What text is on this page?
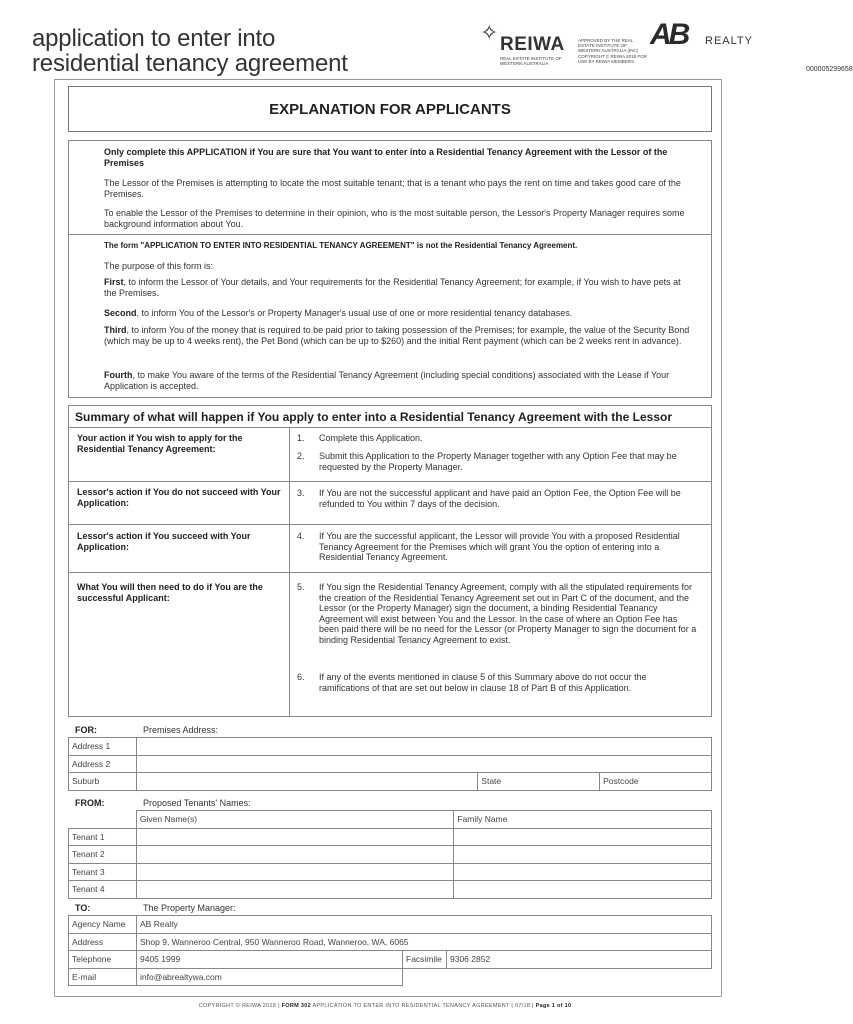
application to enter into
residential tenancy agreement
✧ REIWA
REAL ESTATE INSTITUTE OF WESTERN AUSTRALIA
APPROVED BY THE REAL ESTATE INSTITUTE OF WESTERN AUSTRALIA (INC) COPYRIGHT © REIWA 2018 FOR USE BY REIWA MEMBERS
000005299658
AB REALTY
EXPLANATION FOR APPLICANTS
Only complete this APPLICATION if You are sure that You want to enter into a Residential Tenancy Agreement with the Lessor of the Premises
The Lessor of the Premises is attempting to locate the most suitable tenant; that is a tenant who pays the rent on time and takes good care of the Premises.
To enable the Lessor of the Premises to determine in their opinion, who is the most suitable person, the Lessor's Property Manager requires some background information about You.
The form "APPLICATION TO ENTER INTO RESIDENTIAL TENANCY AGREEMENT" is not the Residential Tenancy Agreement.
The purpose of this form is:
First, to inform the Lessor of Your details, and Your requirements for the Residential Tenancy Agreement; for example, if You wish to have pets at the Premises.
Second, to inform You of the Lessor's or Property Manager's usual use of one or more residential tenancy databases.
Third, to inform You of the money that is required to be paid prior to taking possession of the Premises; for example, the value of the Security Bond (which may be up to 4 weeks rent), the Pet Bond (which can be up to $260) and the initial Rent payment (which can be 2 weeks rent in advance).
Fourth, to make You aware of the terms of the Residential Tenancy Agreement (including special conditions) associated with the Lease if Your Application is accepted.
Summary of what will happen if You apply to enter into a Residential Tenancy Agreement with the Lessor
Your action if You wish to apply for the Residential Tenancy Agreement:
1. Complete this Application.
2. Submit this Application to the Property Manager together with any Option Fee that may be requested by the Property Manager.
Lessor's action if You do not succeed with Your Application:
3. If You are not the successful applicant and have paid an Option Fee, the Option Fee will be refunded to You within 7 days of the decision.
Lessor's action if You succeed with Your Application:
4. If You are the successful applicant, the Lessor will provide You with a proposed Residential Tenancy Agreement for the Premises which will grant You the option of entering into a Residential Tenancy Agreement.
What You will then need to do if You are the successful Applicant:
5. If You sign the Residential Tenancy Agreement, comply with all the stipulated requirements for the creation of the Residential Tenancy Agreement set out in Part C of the document, and the Lessor (or the Property Manager) sign the document, a binding Residential Teanancy Agreement will exist between You and the Lessor. In the case of where an Option Fee has been paid there will be no need for the Lessor (or Property Manager to sign the document for a binding Residential Tenancy Agreement to exist.
6. If any of the events mentioned in clause 5 of this Summary above do not occur the ramifications of that are set out below in clause 18 of Part B of this Application.
FOR:	Premises Address:
Address 1			
Address 2			
Suburb		State	Postcode
FROM:	Proposed Tenants' Names:
	Given Name(s)	Family Name
Tenant 1		
Tenant 2		
Tenant 3		
Tenant 4		
TO:	The Property Manager:
Agency Name	AB Realty		
Address	Shop 9, Wanneroo Central, 950 Wanneroo Road, Wanneroo, WA, 6065		
Telephone	9405 1999	Facsimile	9306 2852
E-mail	info@abrealtywa.com		
COPYRIGHT © REIWA 2018 | FORM 302 APPLICATION TO ENTER INTO RESIDENTIAL TENANCY AGREEMENT | 07/18 | Page 1 of 10
